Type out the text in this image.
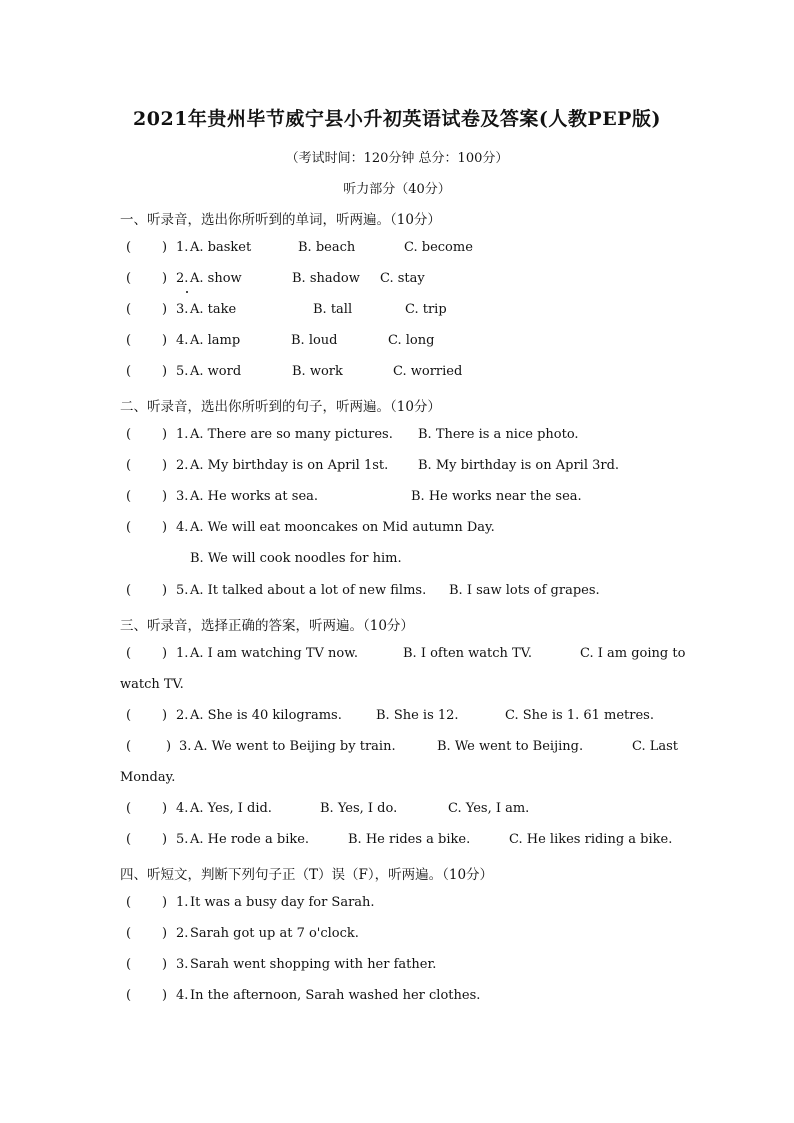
2021年贵州毕节威宁县小升初英语试卷及答案(人教PEP版)
（考试时间：120分钟 总分：100分）
听力部分（40分）
一、听录音，选出你所听到的单词，听两遍。（10分）
( ) 1. A. basket	B. beach	C. become
( ) 2. A. show	B. shadow C. stay
( ) 3. A. take	B. tall	C. trip
( ) 4. A. lamp	B. loud	C. long
( ) 5. A. word	B. work	C. worried
二、听录音，选出你所听到的句子，听两遍。（10分）
( ) 1. A. There are so many pictures. B. There is a nice photo.
( ) 2. A. My birthday is on April 1st. B. My birthday is on April 3rd.
( ) 3. A. He works at sea.	B. He works near the sea.
( ) 4. A. We will eat mooncakes on Mid autumn Day.
B. We will cook noodles for him.
( ) 5. A. It talked about a lot of new films. B. I saw lots of grapes.
三、听录音，选择正确的答案，听两遍。（10分）
( ) 1. A. I am watching TV now.	B. I often watch TV.	C. I am going to
watch TV.
( ) 2. A. She is 40 kilograms.	B. She is 12.	C. She is 1. 61 metres.
(	) 3. A. We went to Beijing by train.	B. We went to Beijing.	C. Last
Monday.
( ) 4. A. Yes, I did.	B. Yes, I do.	C. Yes, I am.
( ) 5. A. He rode a bike.	B. He rides a bike.	C. He likes riding a bike.
四、听短文，判断下列句子正（T）误（F），听两遍。（10分）
( ) 1. It was a busy day for Sarah.
( ) 2. Sarah got up at 7 o'clock.
( ) 3. Sarah went shopping with her father.
( ) 4. In the afternoon, Sarah washed her clothes.
